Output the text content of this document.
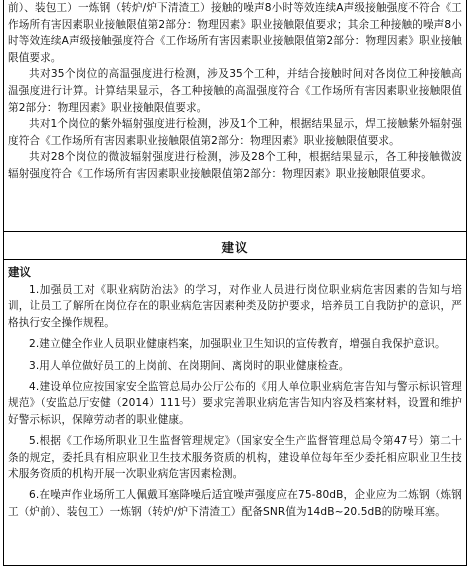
前）、装包工）一炼钢（转炉/炉下清渣工）接触的噪声8小时等效连续A声级接触强度不符合《工作场所有害因素职业接触限值第2部分：物理因素》职业接触限值要求；其余工种接触的噪声8小时等效连续A声级接触强度符合《工作场所有害因素职业接触限值第2部分：物理因素》职业接触限值要求。

共对35个岗位的高温强度进行检测，涉及35个工种，并结合接触时间对各岗位工种接触高温强度进行计算。计算结果显示，各工种接触的高温强度符合《工作场所有害因素职业接触限值第2部分：物理因素》职业接触限值要求。

共对1个岗位的紫外辐射强度进行检测，涉及1个工种，根据结果显示，焊工接触紫外辐射强度符合《工作场所有害因素职业接触限值第2部分：物理因素》职业接触限值要求。

共对28个岗位的微波辐射强度进行检测，涉及28个工种，根据结果显示，各工种接触微波辐射强度符合《工作场所有害因素职业接触限值第2部分：物理因素》职业接触限值要求。

建议

建议

1.加强员工对《职业病防治法》的学习，对作业人员进行岗位职业病危害因素的告知与培训，让员工了解所在岗位存在的职业病危害因素种类及防护要求，培养员工自我防护的意识，严格执行安全操作规程。

2.建立健全作业人员职业健康档案，加强职业卫生知识的宣传教育，增强自我保护意识。

3.用人单位做好员工的上岗前、在岗期间、离岗时的职业健康检查。

4.建设单位应按国家安全监管总局办公厅公布的《用人单位职业病危害告知与警示标识管理规范》（安监总厅安健（2014）111号）要求完善职业病危害告知内容及档案材料，设置和维护好警示标识，保障劳动者的职业健康。

5.根据《工作场所职业卫生监督管理规定》（国家安全生产监督管理总局令第47号）第二十条的规定，委托具有相应职业卫生技术服务资质的机构，建设单位每年至少委托相应职业卫生技术服务资质的机构开展一次职业病危害因素检测。

6.在噪声作业场所工人佩戴耳塞降噪后适宜噪声强度应在75-80dB，企业应为二炼钢（炼钢工（炉前）、装包工）一炼钢（转炉/炉下清渣工）配备SNR值为14dB~20.5dB的防噪耳塞。
